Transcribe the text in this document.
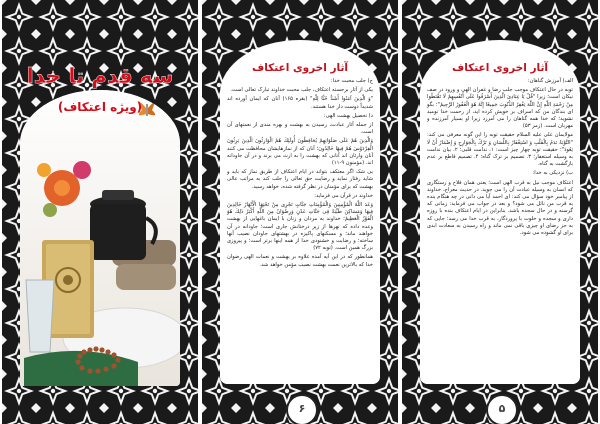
سه قدم تا خدا
(ویژه اعتکاف)
آثار اخروی اعتکاف

ج) جلب محبت خدا:

یکی از آثار برجسته اعتکاف، جلب محبت خداوند تبارک تعالی است.

"وَ الَّذِینَ آمَنُوا أَشَدُّ حُبًّا لِلَّهِ" (بقره ۱۶۵) آنان که ایمان آورده اند شدیداً دوست دار خدا هستند.

د) تحصیل بهشت الهی:

از جمله آثار عبادت، رسیدن به بهشت و بهره مندی از نعمتهای آن است.

وَالَّذِینَ هُمْ عَلَى صَلَوَاتِهِمْ یُحَافِظُونَ أُولَئِكَ هُمُ الْوَارِثُونَ الَّذِینَ یَرِثُونَ الْفِرْدَوْسَ هُمْ فِیهَا خَالِدُونَ؛ آنان که از نمازهایشان محافظت می کنند آنان وارثان اند آنانی که بهشت را به ارث می برند و در آن جاودانه اند. (مؤمنون ۹-۱۱)

بی شک اگر معتکف بتواند در ایام اعتکاف از طریق نماز که باید و شاید رفتار نماید و رضایت حق تعالی را جلب کند به مراتب عالی بهشت که برای مؤمنان در نظر گرفته شده، خواهد رسید.

خداوند در قرآن می فرماید:

وَعَدَ اللَّهُ الْمُؤْمِنِینَ وَالْمُؤْمِنَاتِ جَنَّاتٍ تَجْرِی مِنْ تَحْتِهَا الْأَنْهَارُ خَالِدِینَ فِیهَا وَمَسَاكِنَ طَیِّبَةً فِی جَنَّاتِ عَدْنٍ وَرِضْوَانٌ مِنَ اللَّهِ أَكْبَرُ ذَلِكَ هُوَ الْفَوْزُ الْعَظِیمُ؛ خداوند به مردان و زنان با ایمان باغهایی از بهشت وعده داده که نهرها از زیر درختانش جاری است؛ جاودانه در آن خواهند ماند؛ و مسکنهای پاکیزه در بهشتهای جاودان نصیب آنها ساخته؛ و رضایت و خشنودی خدا از همه اینها برتر است؛ و پیروزی بزرگ همین است. (توبه ۷۲)

همانطور که در این آیه آمده علاوه بر بهشت و نعمات الهی رضوان خدا که بالاترین نعمت بهشت نصیب مؤمن خواهد شد.

۶
آثار اخروی اعتکاف

الف) آمرزش گناهان:

توبه در حال اعتکاف موجب جلب رضا و غفران الهی و ورود در صف نیکان است؛ زیرا "قُلْ یَا عِبَادِیَ الَّذِینَ أَسْرَفُوا عَلَى أَنْفُسِهِمْ لَا تَقْنَطُوا مِنْ رَحْمَةِ اللَّهِ إِنَّ اللَّهَ یَغْفِرُ الذُّنُوبَ جَمِیعًا إِنَّهُ هُوَ الْغَفُورُ الرَّحِیمُ"؛ بگو ای بندگان من که اسراف بر خویش کرده اید، از رحمت خدا نومید نشوید؛ که خدا همه گناهان را می آمرزد زیرا او بسیار آمرزنده و مهربان است. (زمر ۵۳)

مولایمان علی علیه السلام حقیقت توبه را این گونه معرفی می کند: "التَّوْبَةُ نَدَمٌ بِالْقَلْبِ وَ اسْتِغْفَارٌ بِاللِّسَانِ وَ تَرْكٌ بِالْجَوَارِحِ وَ إِضْمَارُ أَنْ لَا یَعُودَ"؛ حقیقت توبه چهار چیز است: ۱. ندامت قلبی؛ ۲. بیان ندامت به وسیله استغفار؛ ۳. تصمیم بر ترک گناه؛ ۴. تصمیم قاطع بر عدم بازگشت به گناه.

ب) نزدیکی به خدا:

اعتکاف موجب نیل به قرب الهی است؛ یعنی همان فلاح و رستگاری که انسان به وسیله عبادت آن را می جوید. در حدیث معراج، خداوند از پیامبر خود سؤال می کند: ای احمد آیا می دانی در چه هنگام بنده به قرب من نائل می شود؟ و بعد در جواب می فرماید: زمانی که گرسنه و در حال سجده باشد. بنابراین در ایام اعتکاف بنده با روزه داری و سجده و خلوت با پروردگار، به قرب خدا می رسد؛ جایی که به جز رضای او چیزی باقی نمی ماند و راه رسیدن به سعادت ابدی برای او گشوده می شود.

۵
